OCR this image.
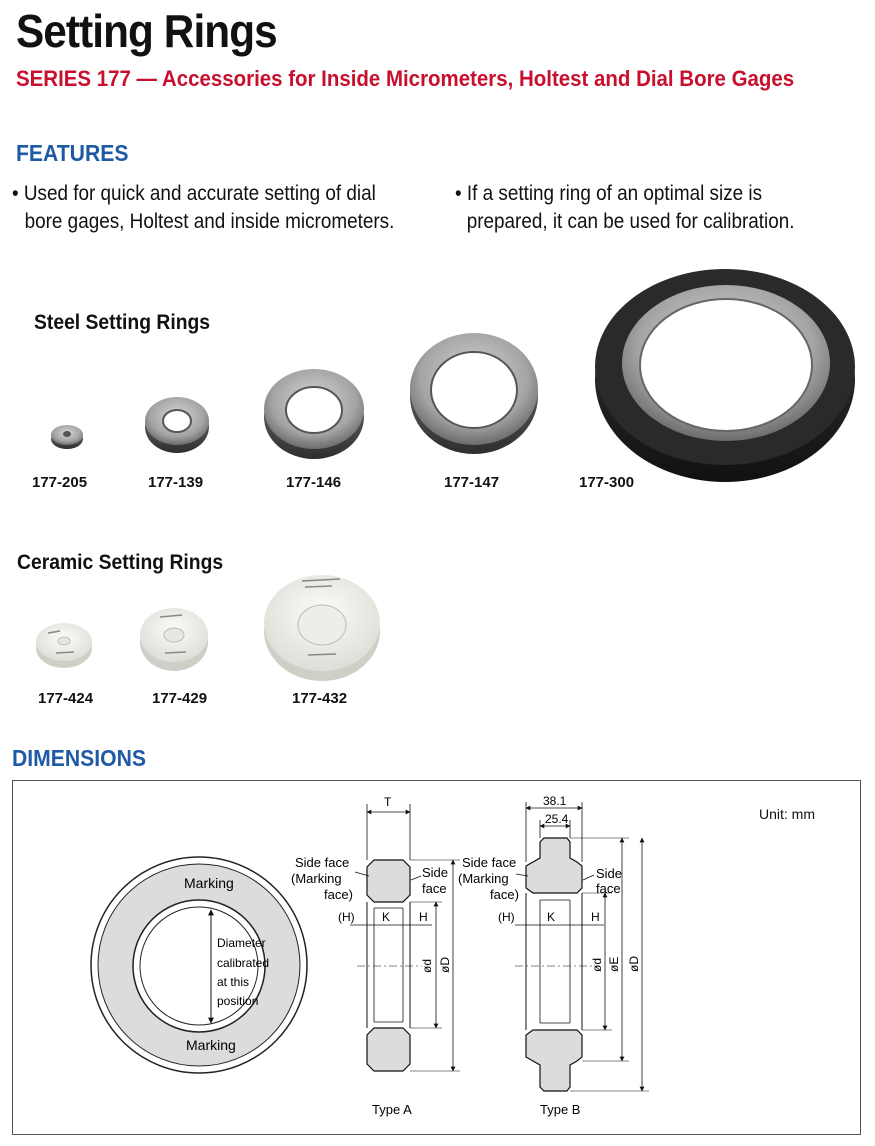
Setting Rings
SERIES 177 — Accessories for Inside Micrometers, Holtest and Dial Bore Gages
FEATURES
• Used for quick and accurate setting of dial
bore gages, Holtest and inside micrometers.
• If a setting ring of an optimal size is
prepared, it can be used for calibration.
Steel Setting Rings
177-205	177-139	177-146	177-147	177-300
Ceramic Setting Rings
177-424	177-429	177-432
DIMENSIONS
Unit: mm
Marking
Marking
Diameter
calibrated
at this
position
T
(H) K H
ød øD
Side face
(Marking
face)
Side
face
Type A
38.1
25.4
(H)	K	H
ød øE øD
Side face
(Marking
face)
Side
face
Type B
